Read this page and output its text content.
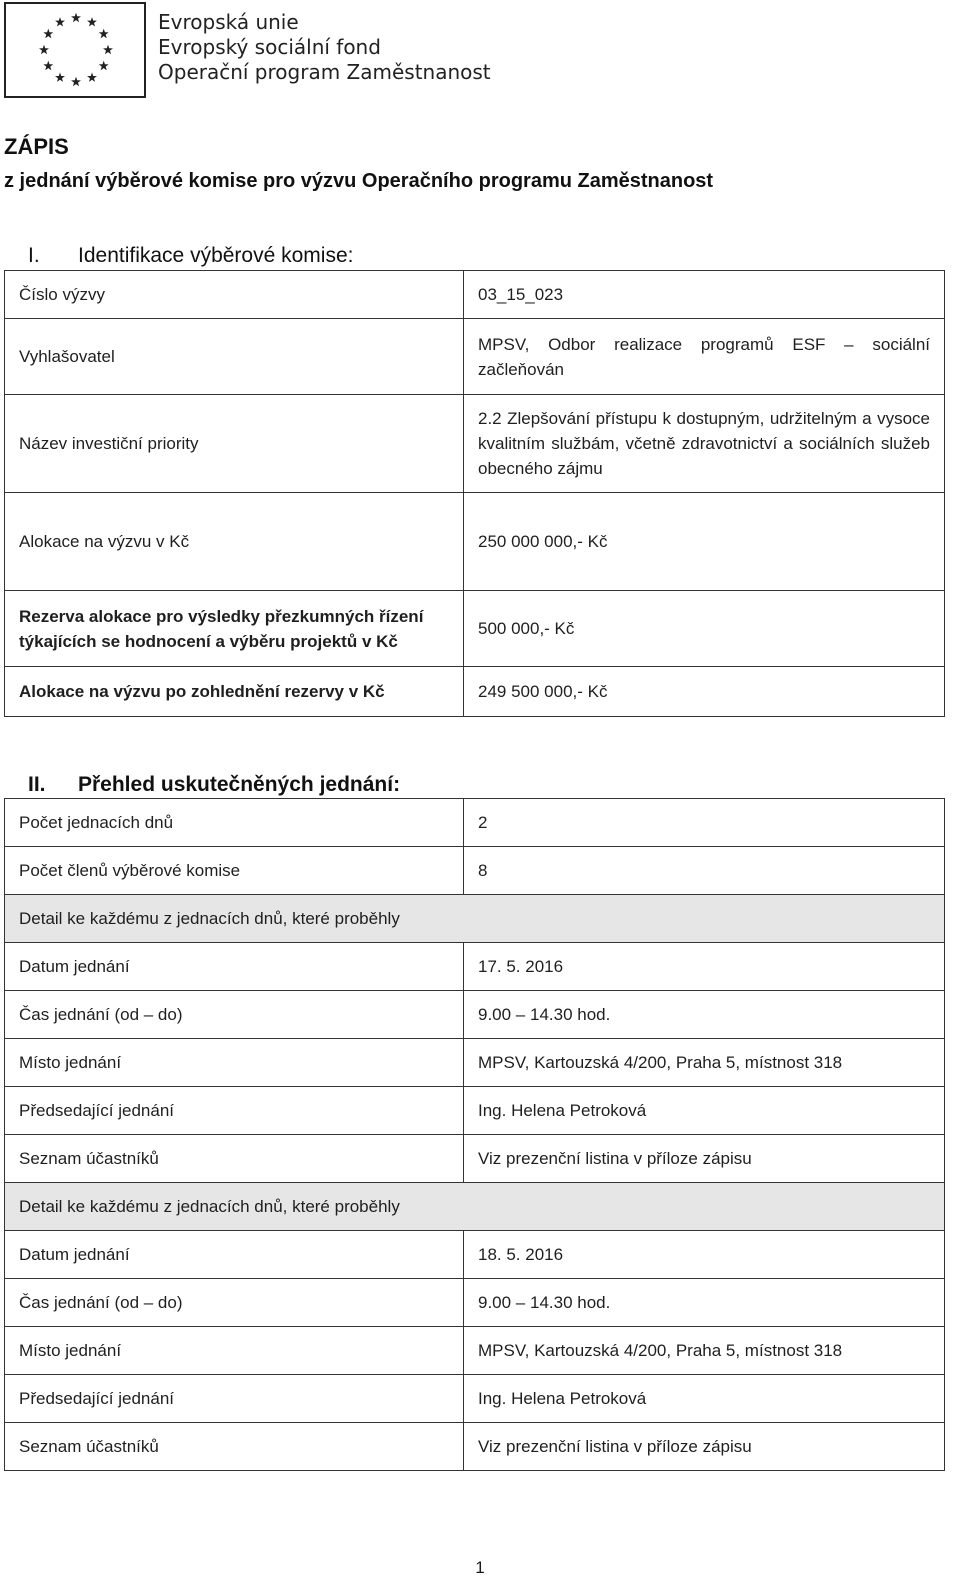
Evropská unie
Evropský sociální fond
Operační program Zaměstnanost
ZÁPIS
z jednání výběrové komise pro výzvu Operačního programu Zaměstnanost
I. Identifikace výběrové komise:
Číslo výzvy	03_15_023
Vyhlašovatel	MPSV, Odbor realizace programů ESF – sociální začleňován
Název investiční priority	2.2 Zlepšování přístupu k dostupným, udržitelným a vysoce kvalitním službám, včetně zdravotnictví a sociálních služeb obecného zájmu
Alokace na výzvu v Kč	250 000 000,- Kč
Rezerva alokace pro výsledky přezkumných řízení týkajících se hodnocení a výběru projektů v Kč	500 000,- Kč
Alokace na výzvu po zohlednění rezervy v Kč	249 500 000,- Kč
II. Přehled uskutečněných jednání:
Počet jednacích dnů	2
Počet členů výběrové komise	8
Detail ke každému z jednacích dnů, které proběhly	
Datum jednání	17. 5. 2016
Čas jednání (od – do)	9.00 – 14.30 hod.
Místo jednání	MPSV, Kartouzská 4/200, Praha 5, místnost 318
Předsedající jednání	Ing. Helena Petroková
Seznam účastníků	Viz prezenční listina v příloze zápisu
Detail ke každému z jednacích dnů, které proběhly	
Datum jednání	18. 5. 2016
Čas jednání (od – do)	9.00 – 14.30 hod.
Místo jednání	MPSV, Kartouzská 4/200, Praha 5, místnost 318
Předsedající jednání	Ing. Helena Petroková
Seznam účastníků	Viz prezenční listina v příloze zápisu
1
